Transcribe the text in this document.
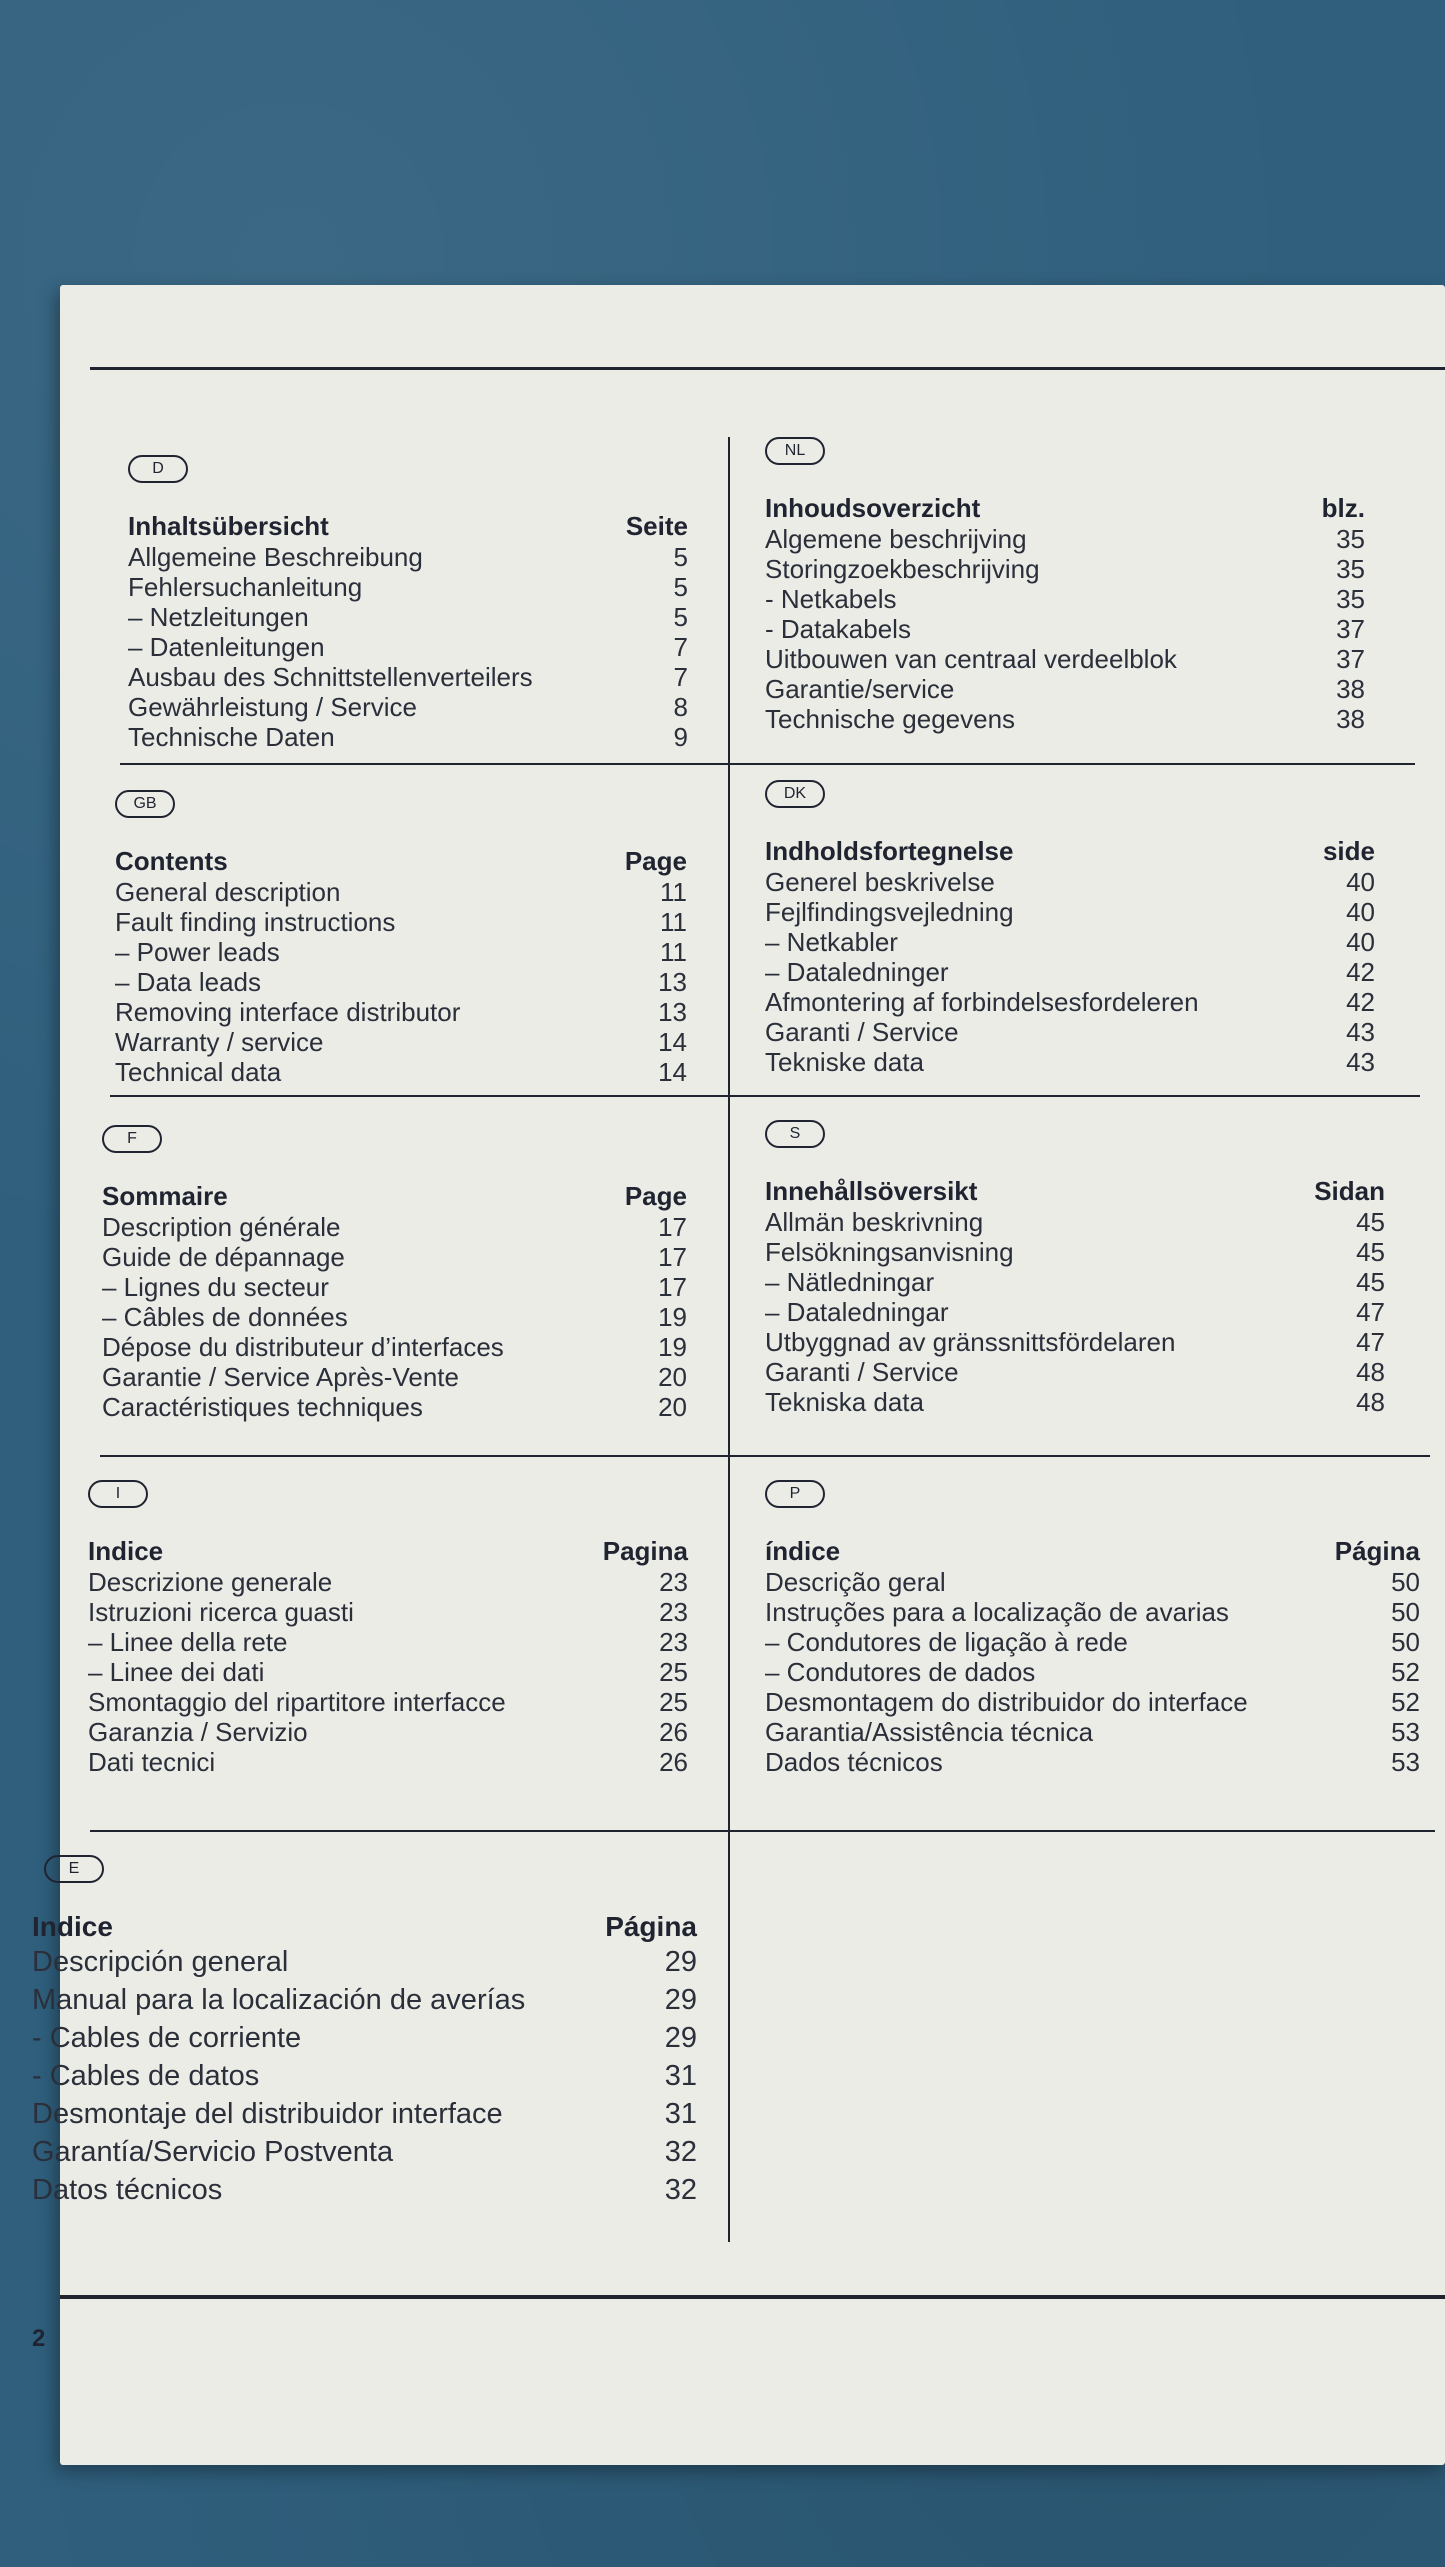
D
Inhaltsübersicht	Seite
Allgemeine Beschreibung	5
Fehlersuchanleitung	5
– Netzleitungen	5
– Datenleitungen	7
Ausbau des Schnittstellenverteilers	7
Gewährleistung / Service	8
Technische Daten	9
NL
Inhoudsoverzicht	blz.
Algemene beschrijving	35
Storingzoekbeschrijving	35
- Netkabels	35
- Datakabels	37
Uitbouwen van centraal verdeelblok	37
Garantie/service	38
Technische gegevens	38
GB
Contents	Page
General description	11
Fault finding instructions	11
– Power leads	11
– Data leads	13
Removing interface distributor	13
Warranty / service	14
Technical data	14
DK
Indholdsfortegnelse	side
Generel beskrivelse	40
Fejlfindingsvejledning	40
– Netkabler	40
– Dataledninger	42
Afmontering af forbindelsesfordeleren	42
Garanti / Service	43
Tekniske data	43
F
Sommaire	Page
Description générale	17
Guide de dépannage	17
– Lignes du secteur	17
– Câbles de données	19
Dépose du distributeur d’interfaces	19
Garantie / Service Après-Vente	20
Caractéristiques techniques	20
S
Innehållsöversikt	Sidan
Allmän beskrivning	45
Felsökningsanvisning	45
– Nätledningar	45
– Dataledningar	47
Utbyggnad av gränssnittsfördelaren	47
Garanti / Service	48
Tekniska data	48
I
Indice	Pagina
Descrizione generale	23
Istruzioni ricerca guasti	23
– Linee della rete	23
– Linee dei dati	25
Smontaggio del ripartitore interfacce	25
Garanzia / Servizio	26
Dati tecnici	26
P
índice	Página
Descrição geral	50
Instruções para a localização de avarias	50
– Condutores de ligação à rede	50
– Condutores de dados	52
Desmontagem do distribuidor do interface	52
Garantia/Assistência técnica	53
Dados técnicos	53
E
Indice	Página
Descripción general	29
Manual para la localización de averías	29
- Cables de corriente	29
- Cables de datos	31
Desmontaje del distribuidor interface	31
Garantía/Servicio Postventa	32
Datos técnicos	32
2
